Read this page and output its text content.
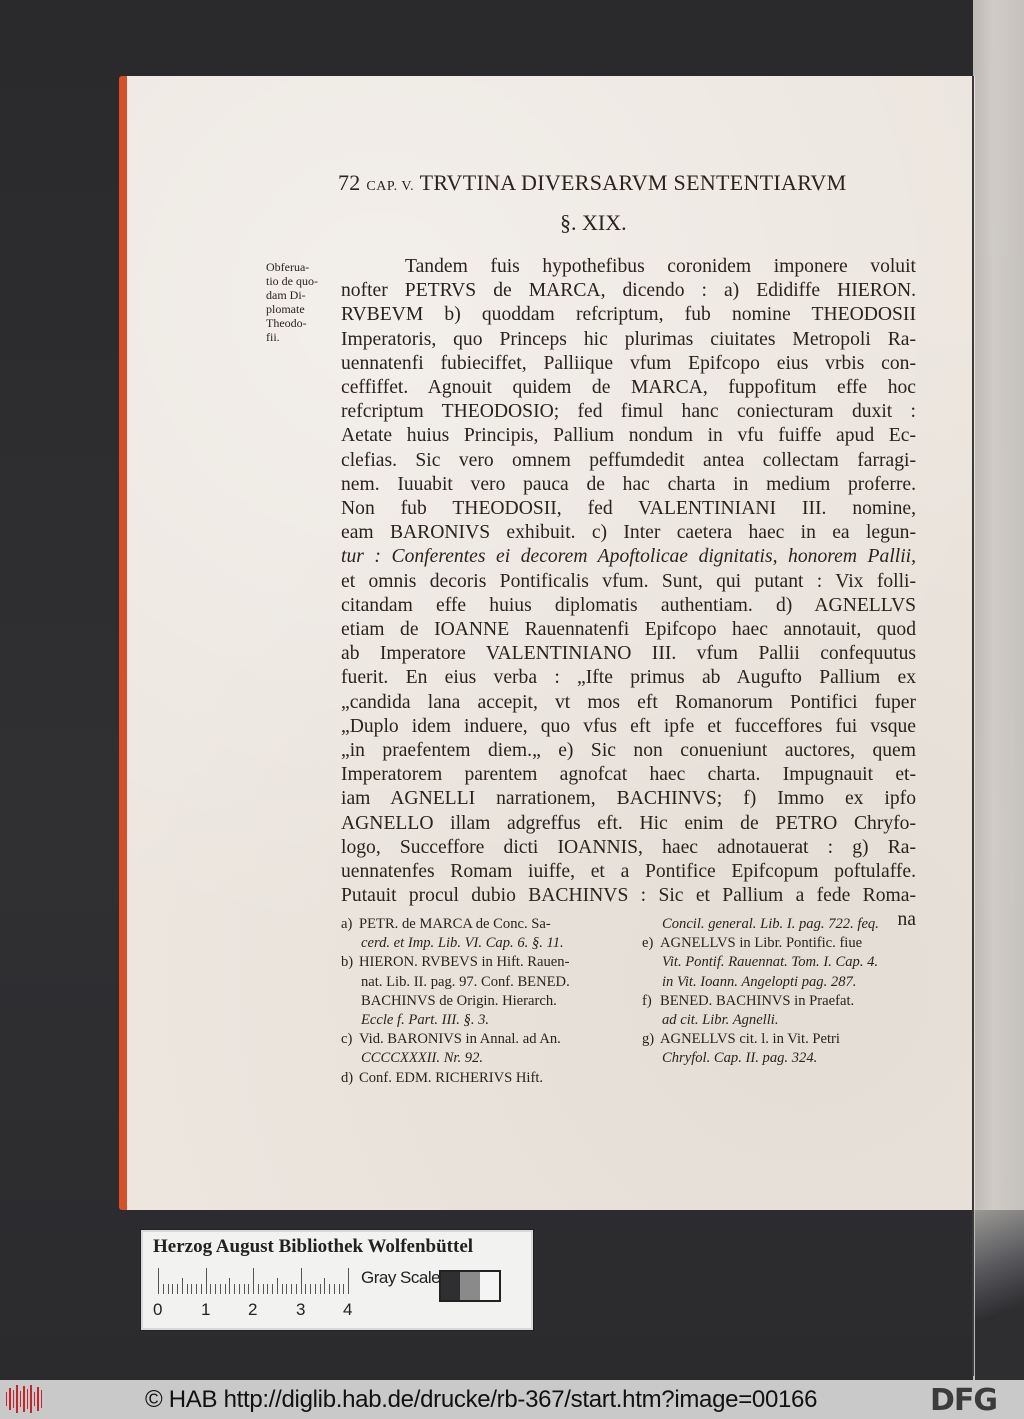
72 CAP. V. TRVTINA DIVERSARVM SENTENTIARVM
§. XIX.
Obferua-
tio de quo-
dam Di-
plomate
Theodo-
fii.
Tandem fuis hypothefibus coronidem imponere voluit
nofter PETRVS de MARCA, dicendo : a) Edidiffe HIERON.
RVBEVM b) quoddam refcriptum, fub nomine THEODOSII
Imperatoris, quo Princeps hic plurimas ciuitates Metropoli Ra-
uennatenfi fubieciffet, Palliique vfum Epifcopo eius vrbis con-
ceffiffet. Agnouit quidem de MARCA, fuppofitum effe hoc
refcriptum THEODOSIO; fed fimul hanc coniecturam duxit :
Aetate huius Principis, Pallium nondum in vfu fuiffe apud Ec-
clefias. Sic vero omnem peffumdedit antea collectam farragi-
nem. Iuuabit vero pauca de hac charta in medium proferre.
Non fub THEODOSII, fed VALENTINIANI III. nomine,
eam BARONIVS exhibuit. c) Inter caetera haec in ea legun-
tur : Conferentes ei decorem Apoftolicae dignitatis, honorem Pallii,
et omnis decoris Pontificalis vfum. Sunt, qui putant : Vix folli-
citandam effe huius diplomatis authentiam. d) AGNELLVS
etiam de IOANNE Rauennatenfi Epifcopo haec annotauit, quod
ab Imperatore VALENTINIANO III. vfum Pallii confequutus
fuerit. En eius verba : „Ifte primus ab Augufto Pallium ex
„candida lana accepit, vt mos eft Romanorum Pontifici fuper
„Duplo idem induere, quo vfus eft ipfe et fucceffores fui vsque
„in praefentem diem.„ e) Sic non conueniunt auctores, quem
Imperatorem parentem agnofcat haec charta. Impugnauit et-
iam AGNELLI narrationem, BACHINVS; f) Immo ex ipfo
AGNELLO illam adgreffus eft. Hic enim de PETRO Chryfo-
logo, Succeffore dicti IOANNIS, haec adnotauerat : g) Ra-
uennatenfes Romam iuiffe, et a Pontifice Epifcopum poftulaffe.
Putauit procul dubio BACHINVS : Sic et Pallium a fede Roma-
na
a) PETR. de MARCA de Conc. Sa-
cerd. et Imp. Lib. VI. Cap. 6. §. 11.
b) HIERON. RVBEVS in Hift. Rauen-
nat. Lib. II. pag. 97. Conf. BENED.
BACHINVS de Origin. Hierarch.
Eccle f. Part. III. §. 3.
c) Vid. BARONIVS in Annal. ad An.
CCCCXXXII. Nr. 92.
d) Conf. EDM. RICHERIVS Hift.
Concil. general. Lib. I. pag. 722. feq.
e) AGNELLVS in Libr. Pontific. fiue
Vit. Pontif. Rauennat. Tom. I. Cap. 4.
in Vit. Ioann. Angelopti pag. 287.
f) BENED. BACHINVS in Praefat.
ad cit. Libr. Agnelli.
g) AGNELLVS cit. l. in Vit. Petri
Chryfol. Cap. II. pag. 324.
Herzog August Bibliothek Wolfenbüttel
0 1 2 3 4
Gray Scale
© HAB http://diglib.hab.de/drucke/rb-367/start.htm?image=00166	DFG
